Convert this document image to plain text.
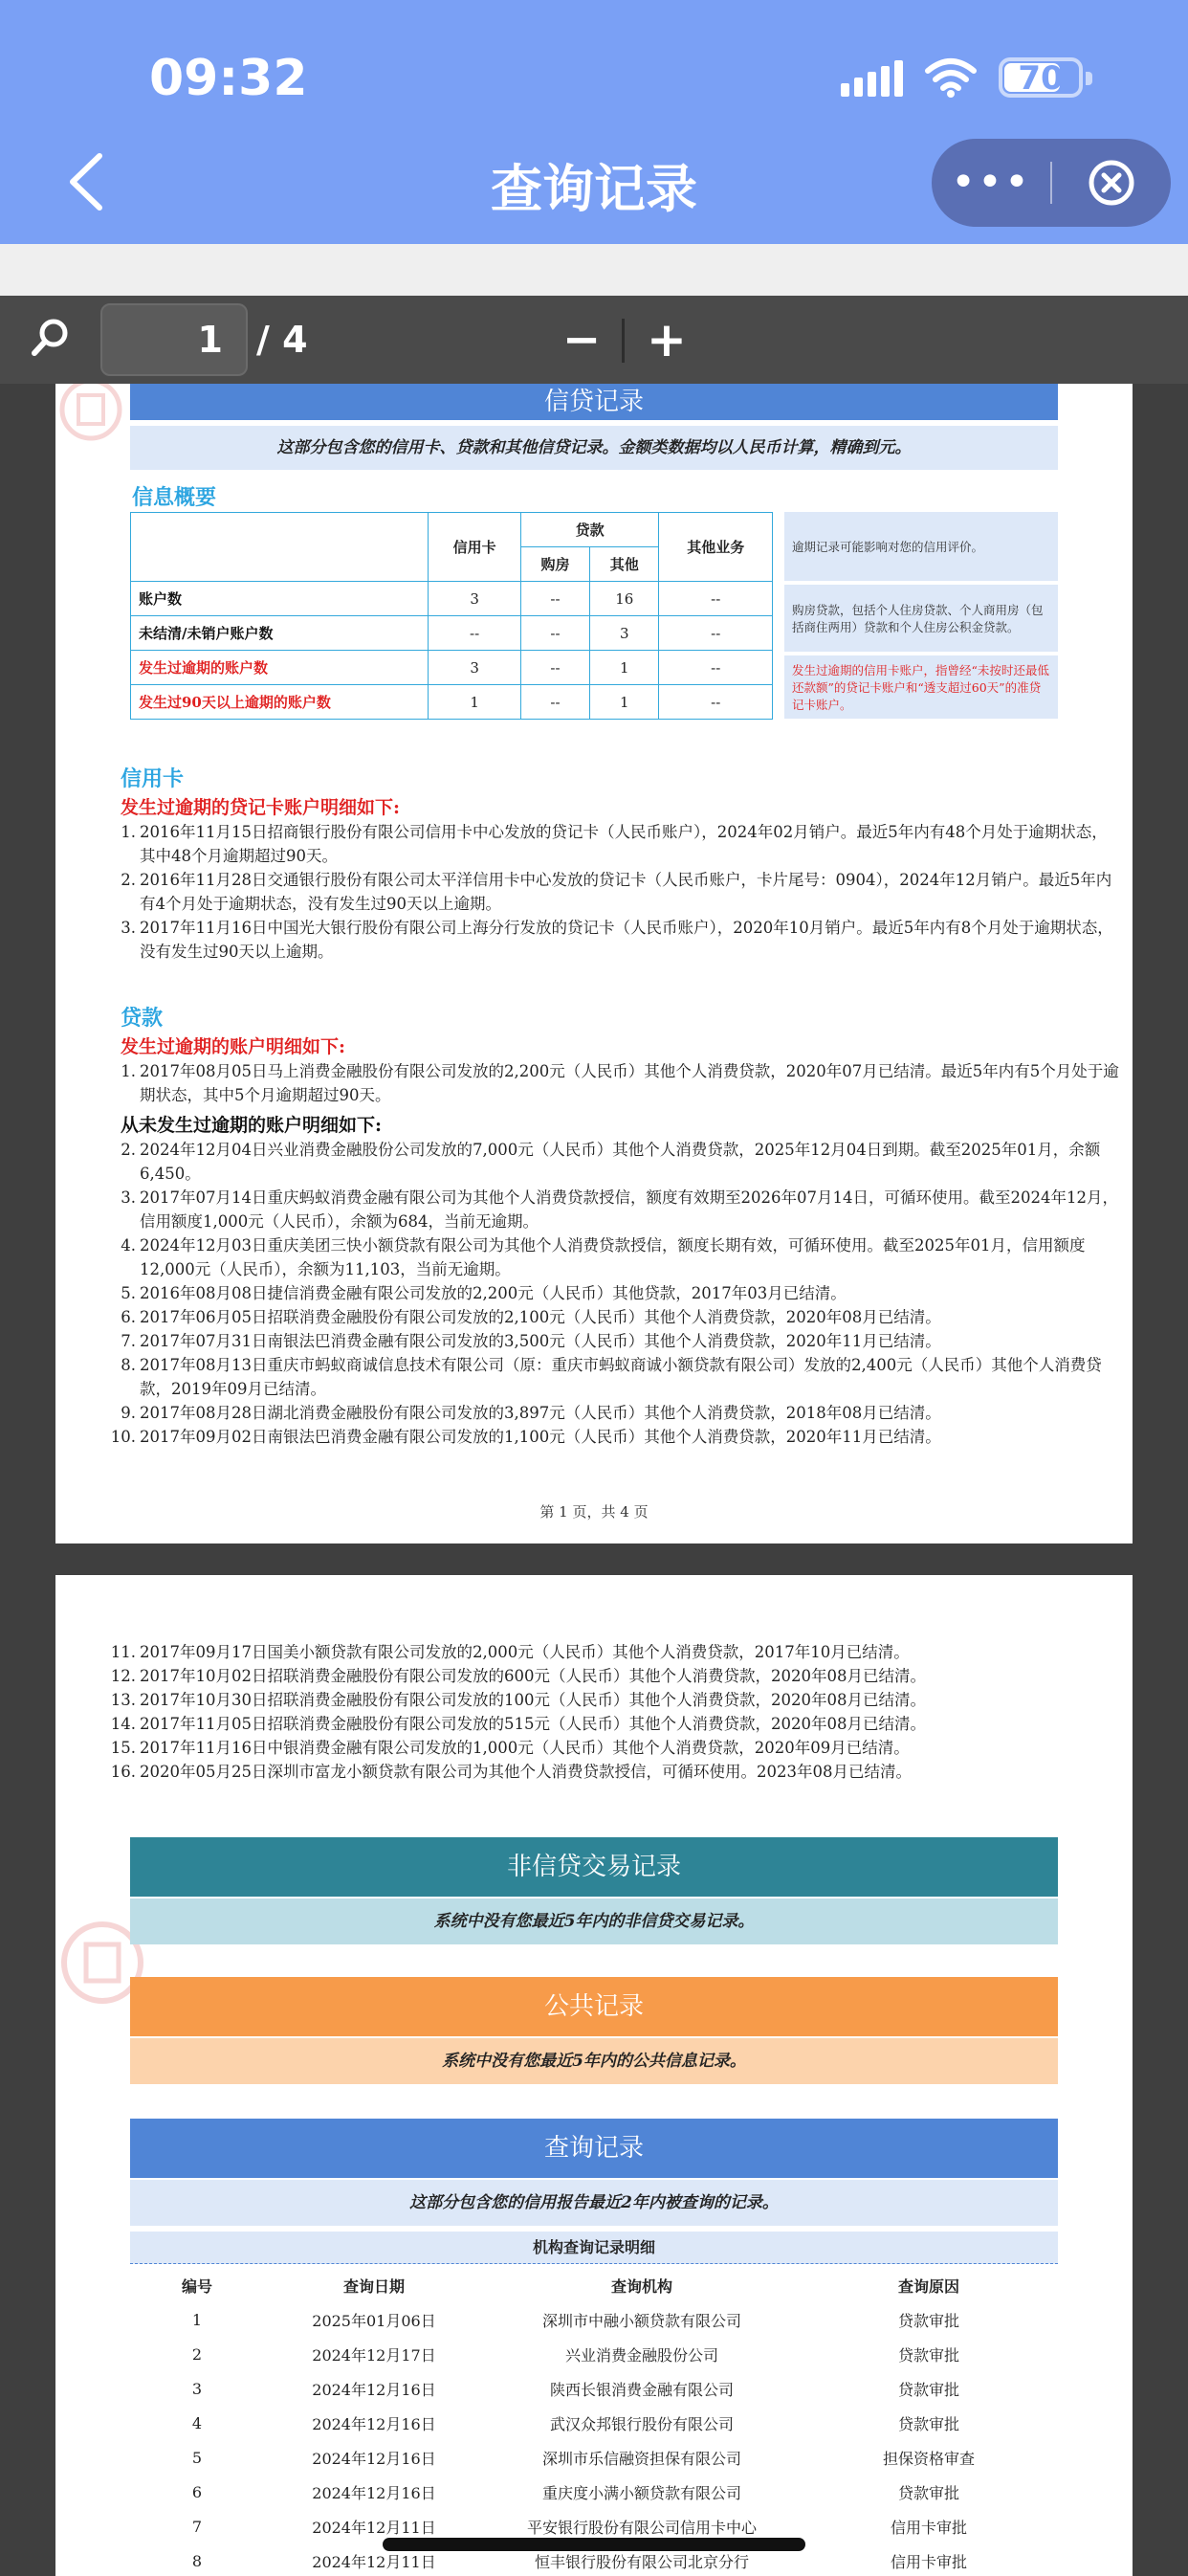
09:32	70
查询记录	•••
1 / 4	− +
信贷记录
这部分包含您的信用卡、贷款和其他信贷记录。金额类数据均以人民币计算，精确到元。
信息概要
	信用卡	贷款		其他业务
		购房	其他	
账户数	3	--	16	--
未结清/未销户账户数	--	--	3	--
发生过逾期的账户数	3	--	1	--
发生过90天以上逾期的账户数	1	--	1	--
逾期记录可能影响对您的信用评价。
购房贷款，包括个人住房贷款、个人商用房（包括商住两用）贷款和个人住房公积金贷款。
发生过逾期的信用卡账户，指曾经“未按时还最低还款额”的贷记卡账户和“透支超过60天”的准贷记卡账户。
信用卡
发生过逾期的贷记卡账户明细如下:
1. 2016年11月15日招商银行股份有限公司信用卡中心发放的贷记卡（人民币账户），2024年02月销户。最近5年内有48个月处于逾期状态，其中48个月逾期超过90天。
2. 2016年11月28日交通银行股份有限公司太平洋信用卡中心发放的贷记卡（人民币账户，卡片尾号：0904），2024年12月销户。最近5年内有4个月处于逾期状态，没有发生过90天以上逾期。
3. 2017年11月16日中国光大银行股份有限公司上海分行发放的贷记卡（人民币账户），2020年10月销户。最近5年内有8个月处于逾期状态，没有发生过90天以上逾期。
贷款
发生过逾期的账户明细如下:
1. 2017年08月05日马上消费金融股份有限公司发放的2,200元（人民币）其他个人消费贷款，2020年07月已结清。最近5年内有5个月处于逾期状态，其中5个月逾期超过90天。
从未发生过逾期的账户明细如下:
2. 2024年12月04日兴业消费金融股份公司发放的7,000元（人民币）其他个人消费贷款，2025年12月04日到期。截至2025年01月，余额6,450。
3. 2017年07月14日重庆蚂蚁消费金融有限公司为其他个人消费贷款授信，额度有效期至2026年07月14日，可循环使用。截至2024年12月，信用额度1,000元（人民币），余额为684，当前无逾期。
4. 2024年12月03日重庆美团三快小额贷款有限公司为其他个人消费贷款授信，额度长期有效，可循环使用。截至2025年01月，信用额度12,000元（人民币），余额为11,103，当前无逾期。
5. 2016年08月08日捷信消费金融有限公司发放的2,200元（人民币）其他贷款，2017年03月已结清。
6. 2017年06月05日招联消费金融股份有限公司发放的2,100元（人民币）其他个人消费贷款，2020年08月已结清。
7. 2017年07月31日南银法巴消费金融有限公司发放的3,500元（人民币）其他个人消费贷款，2020年11月已结清。
8. 2017年08月13日重庆市蚂蚁商诚信息技术有限公司（原：重庆市蚂蚁商诚小额贷款有限公司）发放的2,400元（人民币）其他个人消费贷款，2019年09月已结清。
9. 2017年08月28日湖北消费金融股份有限公司发放的3,897元（人民币）其他个人消费贷款，2018年08月已结清。
10. 2017年09月02日南银法巴消费金融有限公司发放的1,100元（人民币）其他个人消费贷款，2020年11月已结清。
第 1 页，共 4 页
11. 2017年09月17日国美小额贷款有限公司发放的2,000元（人民币）其他个人消费贷款，2017年10月已结清。
12. 2017年10月02日招联消费金融股份有限公司发放的600元（人民币）其他个人消费贷款，2020年08月已结清。
13. 2017年10月30日招联消费金融股份有限公司发放的100元（人民币）其他个人消费贷款，2020年08月已结清。
14. 2017年11月05日招联消费金融股份有限公司发放的515元（人民币）其他个人消费贷款，2020年08月已结清。
15. 2017年11月16日中银消费金融有限公司发放的1,000元（人民币）其他个人消费贷款，2020年09月已结清。
16. 2020年05月25日深圳市富龙小额贷款有限公司为其他个人消费贷款授信，可循环使用。2023年08月已结清。
非信贷交易记录
系统中没有您最近5年内的非信贷交易记录。
公共记录
系统中没有您最近5年内的公共信息记录。
查询记录
这部分包含您的信用报告最近2年内被查询的记录。
机构查询记录明细
编号	查询日期	查询机构	查询原因
1	2025年01月06日	深圳市中融小额贷款有限公司	贷款审批
2	2024年12月17日	兴业消费金融股份公司	贷款审批
3	2024年12月16日	陕西长银消费金融有限公司	贷款审批
4	2024年12月16日	武汉众邦银行股份有限公司	贷款审批
5	2024年12月16日	深圳市乐信融资担保有限公司	担保资格审查
6	2024年12月16日	重庆度小满小额贷款有限公司	贷款审批
7	2024年12月11日	平安银行股份有限公司信用卡中心	信用卡审批
8	2024年12月11日	恒丰银行股份有限公司北京分行	信用卡审批
